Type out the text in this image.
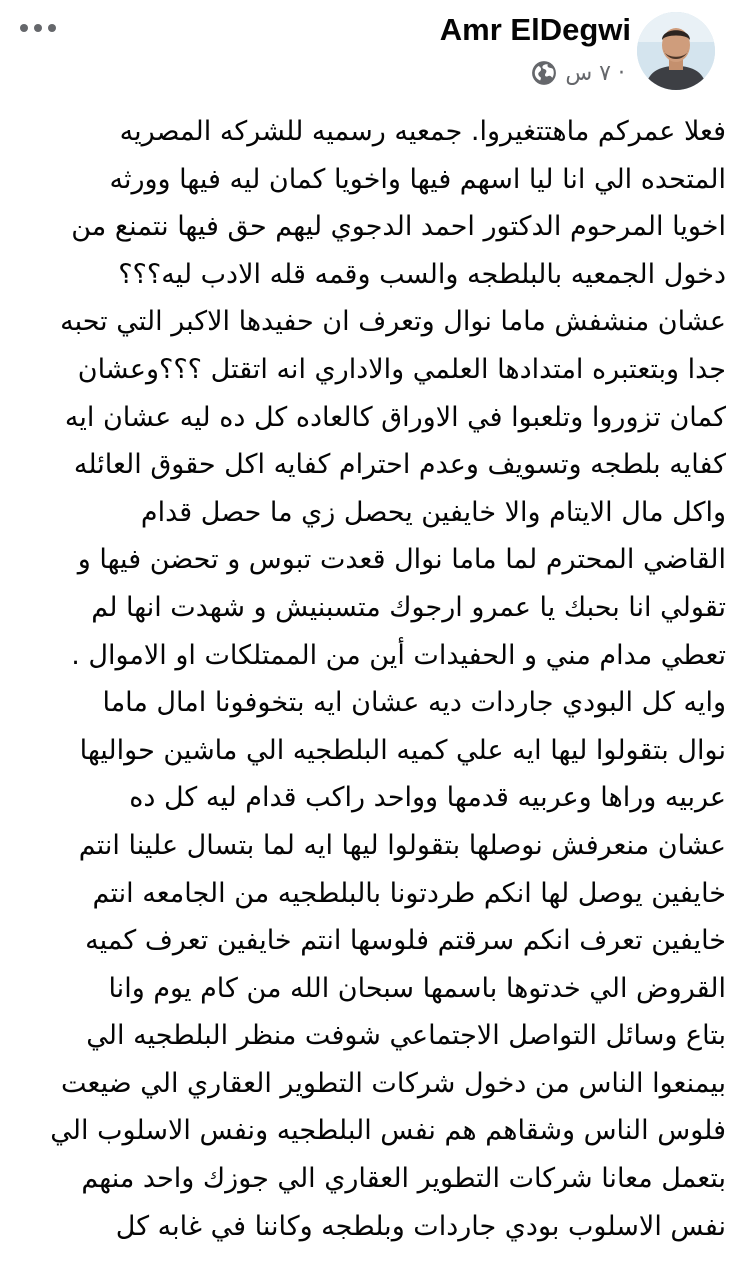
Amr ElDegwi
٧ س ·
فعلا عمركم ماهتتغيروا. جمعيه رسميه للشركه المصريه
المتحده الي انا ليا اسهم فيها واخويا كمان ليه فيها وورثه
اخويا المرحوم الدكتور احمد الدجوي ليهم حق فيها نتمنع من
دخول الجمعيه بالبلطجه والسب وقمه قله الادب ليه؟؟؟
عشان منشفش ماما نوال وتعرف ان حفيدها الاكبر التي تحبه
جدا وبتعتبره امتدادها العلمي والاداري انه اتقتل ؟؟؟وعشان
كمان تزوروا وتلعبوا في الاوراق كالعاده كل ده ليه عشان ايه
كفايه بلطجه وتسويف وعدم احترام كفايه اكل حقوق العائله
واكل مال الايتام والا خايفين يحصل زي ما حصل قدام
القاضي المحترم لما ماما نوال قعدت تبوس و تحضن فيها و
تقولي انا بحبك يا عمرو ارجوك متسبنيش و شهدت انها لم
تعطي مدام مني و الحفيدات أين من الممتلكات او الاموال .
وايه كل البودي جاردات ديه عشان ايه بتخوفونا امال ماما
نوال بتقولوا ليها ايه علي كميه البلطجيه الي ماشين حواليها
عربيه وراها وعربيه قدمها وواحد راكب قدام ليه كل ده
عشان منعرفش نوصلها بتقولوا ليها ايه لما بتسال علينا انتم
خايفين يوصل لها انكم طردتونا بالبلطجيه من الجامعه انتم
خايفين تعرف انكم سرقتم فلوسها انتم خايفين تعرف كميه
القروض الي خدتوها باسمها سبحان الله من كام يوم وانا
بتاع وسائل التواصل الاجتماعي شوفت منظر البلطجيه الي
بيمنعوا الناس من دخول شركات التطوير العقاري الي ضيعت
فلوس الناس وشقاهم هم نفس البلطجيه ونفس الاسلوب الي
بتعمل معانا شركات التطوير العقاري الي جوزك واحد منهم
نفس الاسلوب بودي جاردات وبلطجه وكاننا في غابه كل
